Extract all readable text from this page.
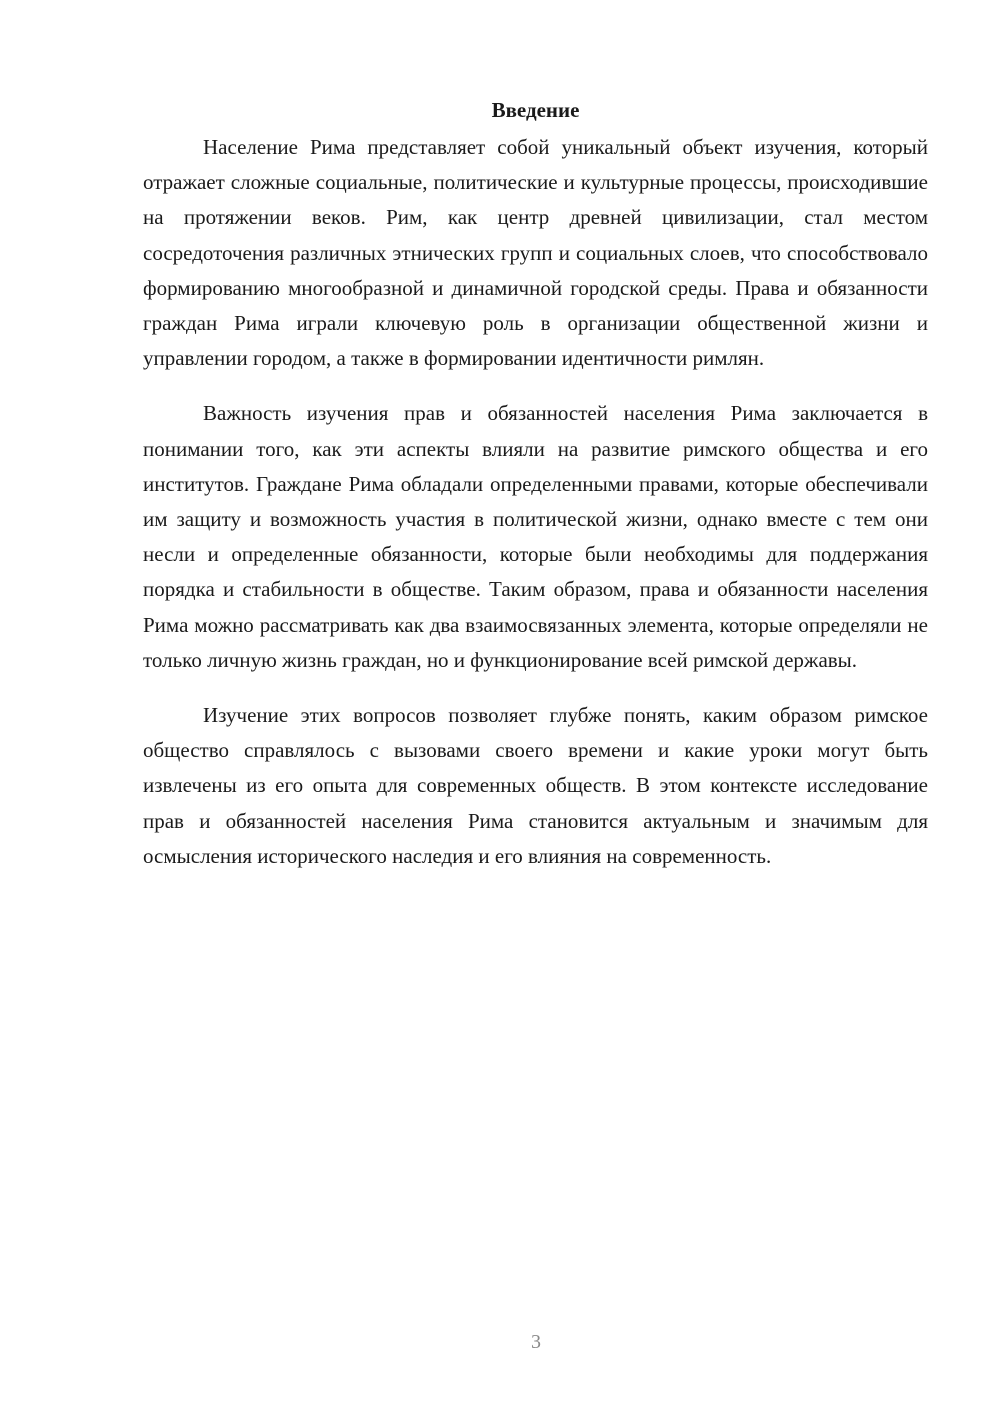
Введение

Население Рима представляет собой уникальный объект изучения, который отражает сложные социальные, политические и культурные процессы, происходившие на протяжении веков. Рим, как центр древней цивилизации, стал местом сосредоточения различных этнических групп и социальных слоев, что способствовало формированию многообразной и динамичной городской среды. Права и обязанности граждан Рима играли ключевую роль в организации общественной жизни и управлении городом, а также в формировании идентичности римлян.

Важность изучения прав и обязанностей населения Рима заключается в понимании того, как эти аспекты влияли на развитие римского общества и его институтов. Граждане Рима обладали определенными правами, которые обеспечивали им защиту и возможность участия в политической жизни, однако вместе с тем они несли и определенные обязанности, которые были необходимы для поддержания порядка и стабильности в обществе. Таким образом, права и обязанности населения Рима можно рассматривать как два взаимосвязанных элемента, которые определяли не только личную жизнь граждан, но и функционирование всей римской державы.

Изучение этих вопросов позволяет глубже понять, каким образом римское общество справлялось с вызовами своего времени и какие уроки могут быть извлечены из его опыта для современных обществ. В этом контексте исследование прав и обязанностей населения Рима становится актуальным и значимым для осмысления исторического наследия и его влияния на современность.

3
